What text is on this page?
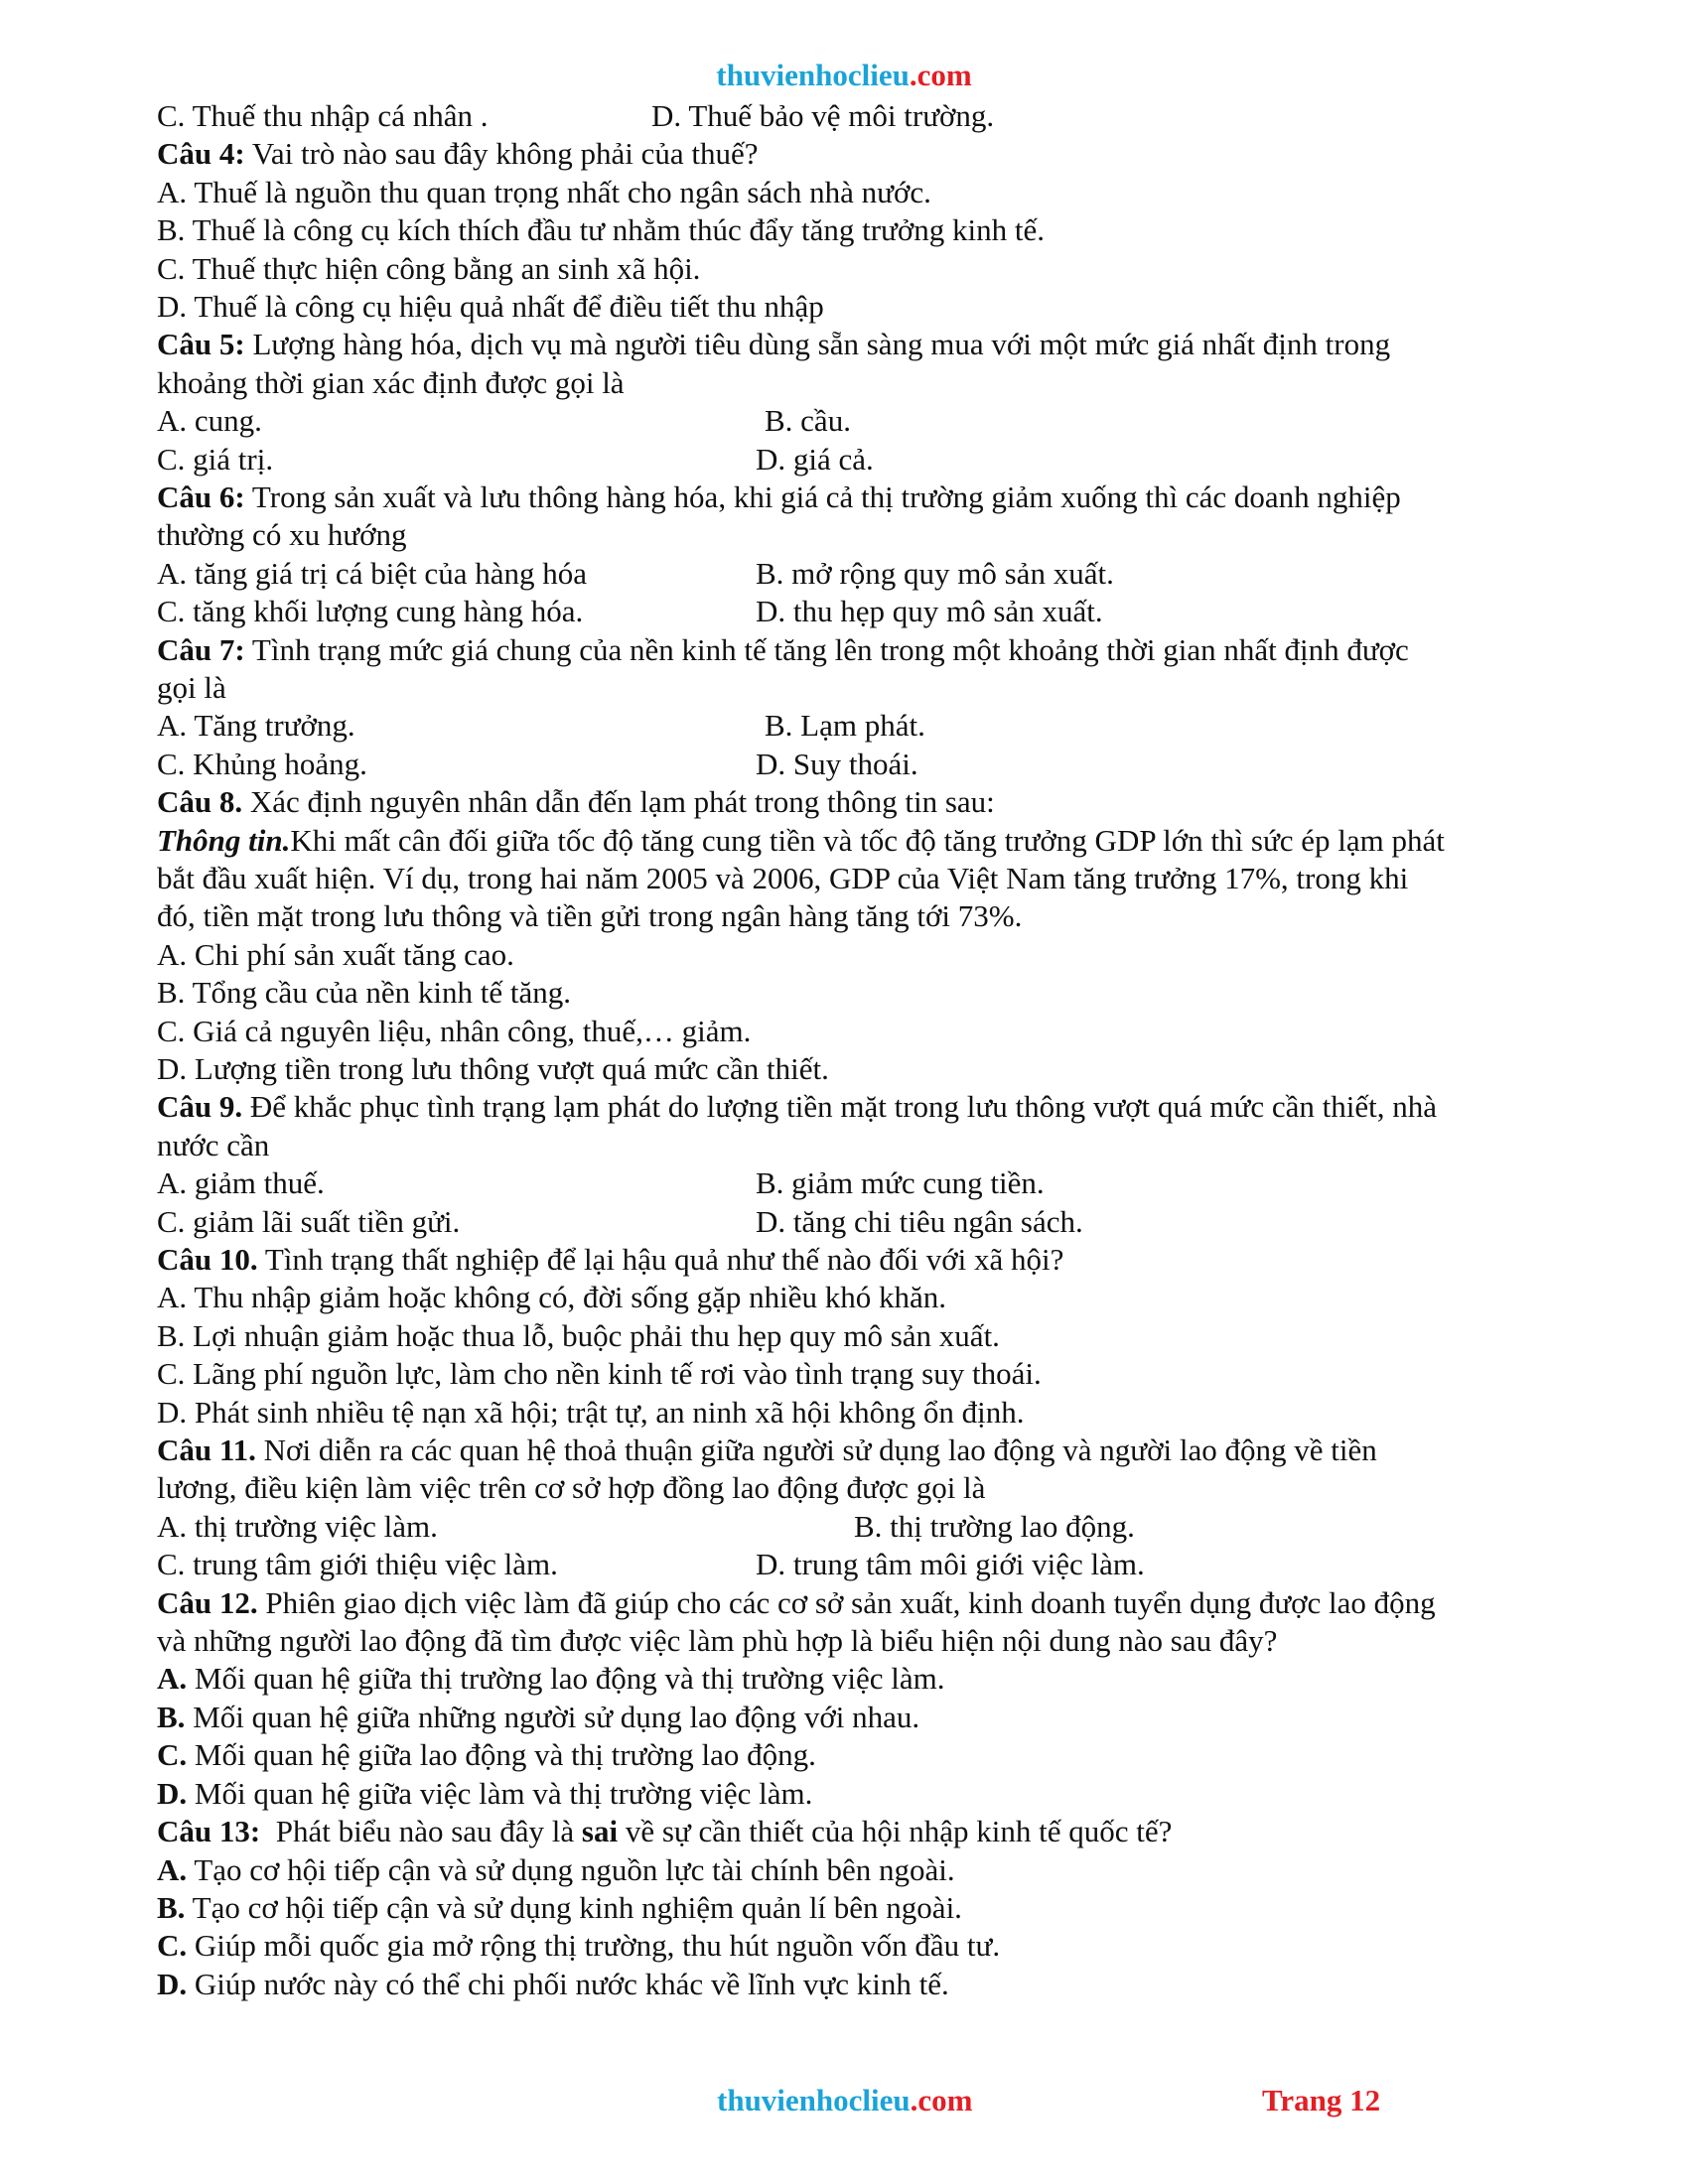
thuvienhoclieu.com
C. Thuế thu nhập cá nhân .	D. Thuế bảo vệ môi trường.
Câu 4: Vai trò nào sau đây không phải của thuế?
A. Thuế là nguồn thu quan trọng nhất cho ngân sách nhà nước.
B. Thuế là công cụ kích thích đầu tư nhằm thúc đẩy tăng trưởng kinh tế.
C. Thuế thực hiện công bằng an sinh xã hội.
D. Thuế là công cụ hiệu quả nhất để điều tiết thu nhập
Câu 5: Lượng hàng hóa, dịch vụ mà người tiêu dùng sẵn sàng mua với một mức giá nhất định trong
khoảng thời gian xác định được gọi là
A. cung.	B. cầu.
C. giá trị.	D. giá cả.
Câu 6: Trong sản xuất và lưu thông hàng hóa, khi giá cả thị trường giảm xuống thì các doanh nghiệp
thường có xu hướng
A. tăng giá trị cá biệt của hàng hóa	B. mở rộng quy mô sản xuất.
C. tăng khối lượng cung hàng hóa.	D. thu hẹp quy mô sản xuất.
Câu 7: Tình trạng mức giá chung của nền kinh tế tăng lên trong một khoảng thời gian nhất định được
gọi là
A. Tăng trưởng.	B. Lạm phát.
C. Khủng hoảng.	D. Suy thoái.
Câu 8. Xác định nguyên nhân dẫn đến lạm phát trong thông tin sau:
Thông tin.Khi mất cân đối giữa tốc độ tăng cung tiền và tốc độ tăng trưởng GDP lớn thì sức ép lạm phát
bắt đầu xuất hiện. Ví dụ, trong hai năm 2005 và 2006, GDP của Việt Nam tăng trưởng 17%, trong khi
đó, tiền mặt trong lưu thông và tiền gửi trong ngân hàng tăng tới 73%.
A. Chi phí sản xuất tăng cao.
B. Tổng cầu của nền kinh tế tăng.
C. Giá cả nguyên liệu, nhân công, thuế,… giảm.
D. Lượng tiền trong lưu thông vượt quá mức cần thiết.
Câu 9. Để khắc phục tình trạng lạm phát do lượng tiền mặt trong lưu thông vượt quá mức cần thiết, nhà
nước cần
A. giảm thuế.	B. giảm mức cung tiền.
C. giảm lãi suất tiền gửi.	D. tăng chi tiêu ngân sách.
Câu 10. Tình trạng thất nghiệp để lại hậu quả như thế nào đối với xã hội?
A. Thu nhập giảm hoặc không có, đời sống gặp nhiều khó khăn.
B. Lợi nhuận giảm hoặc thua lỗ, buộc phải thu hẹp quy mô sản xuất.
C. Lãng phí nguồn lực, làm cho nền kinh tế rơi vào tình trạng suy thoái.
D. Phát sinh nhiều tệ nạn xã hội; trật tự, an ninh xã hội không ổn định.
Câu 11. Nơi diễn ra các quan hệ thoả thuận giữa người sử dụng lao động và người lao động về tiền
lương, điều kiện làm việc trên cơ sở hợp đồng lao động được gọi là
A. thị trường việc làm.	B. thị trường lao động.
C. trung tâm giới thiệu việc làm.	D. trung tâm môi giới việc làm.
Câu 12. Phiên giao dịch việc làm đã giúp cho các cơ sở sản xuất, kinh doanh tuyển dụng được lao động
và những người lao động đã tìm được việc làm phù hợp là biểu hiện nội dung nào sau đây?
A. Mối quan hệ giữa thị trường lao động và thị trường việc làm.
B. Mối quan hệ giữa những người sử dụng lao động với nhau.
C. Mối quan hệ giữa lao động và thị trường lao động.
D. Mối quan hệ giữa việc làm và thị trường việc làm.
Câu 13:  Phát biểu nào sau đây là sai về sự cần thiết của hội nhập kinh tế quốc tế?
A. Tạo cơ hội tiếp cận và sử dụng nguồn lực tài chính bên ngoài.
B. Tạo cơ hội tiếp cận và sử dụng kinh nghiệm quản lí bên ngoài.
C. Giúp mỗi quốc gia mở rộng thị trường, thu hút nguồn vốn đầu tư.
D. Giúp nước này có thể chi phối nước khác về lĩnh vực kinh tế.
thuvienhoclieu.com	Trang 12
